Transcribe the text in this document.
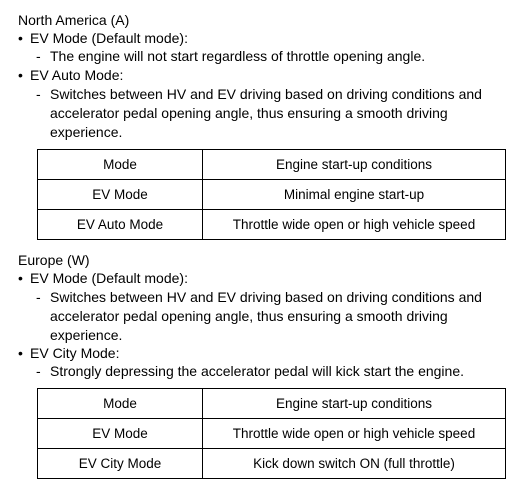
North America (A)
• EV Mode (Default mode):
- The engine will not start regardless of throttle opening angle.
• EV Auto Mode:
- Switches between HV and EV driving based on driving conditions and accelerator pedal opening angle, thus ensuring a smooth driving experience.
Mode	Engine start-up conditions
EV Mode	Minimal engine start-up
EV Auto Mode	Throttle wide open or high vehicle speed
Europe (W)
• EV Mode (Default mode):
- Switches between HV and EV driving based on driving conditions and accelerator pedal opening angle, thus ensuring a smooth driving experience.
• EV City Mode:
- Strongly depressing the accelerator pedal will kick start the engine.
Mode	Engine start-up conditions
EV Mode	Throttle wide open or high vehicle speed
EV City Mode	Kick down switch ON (full throttle)
